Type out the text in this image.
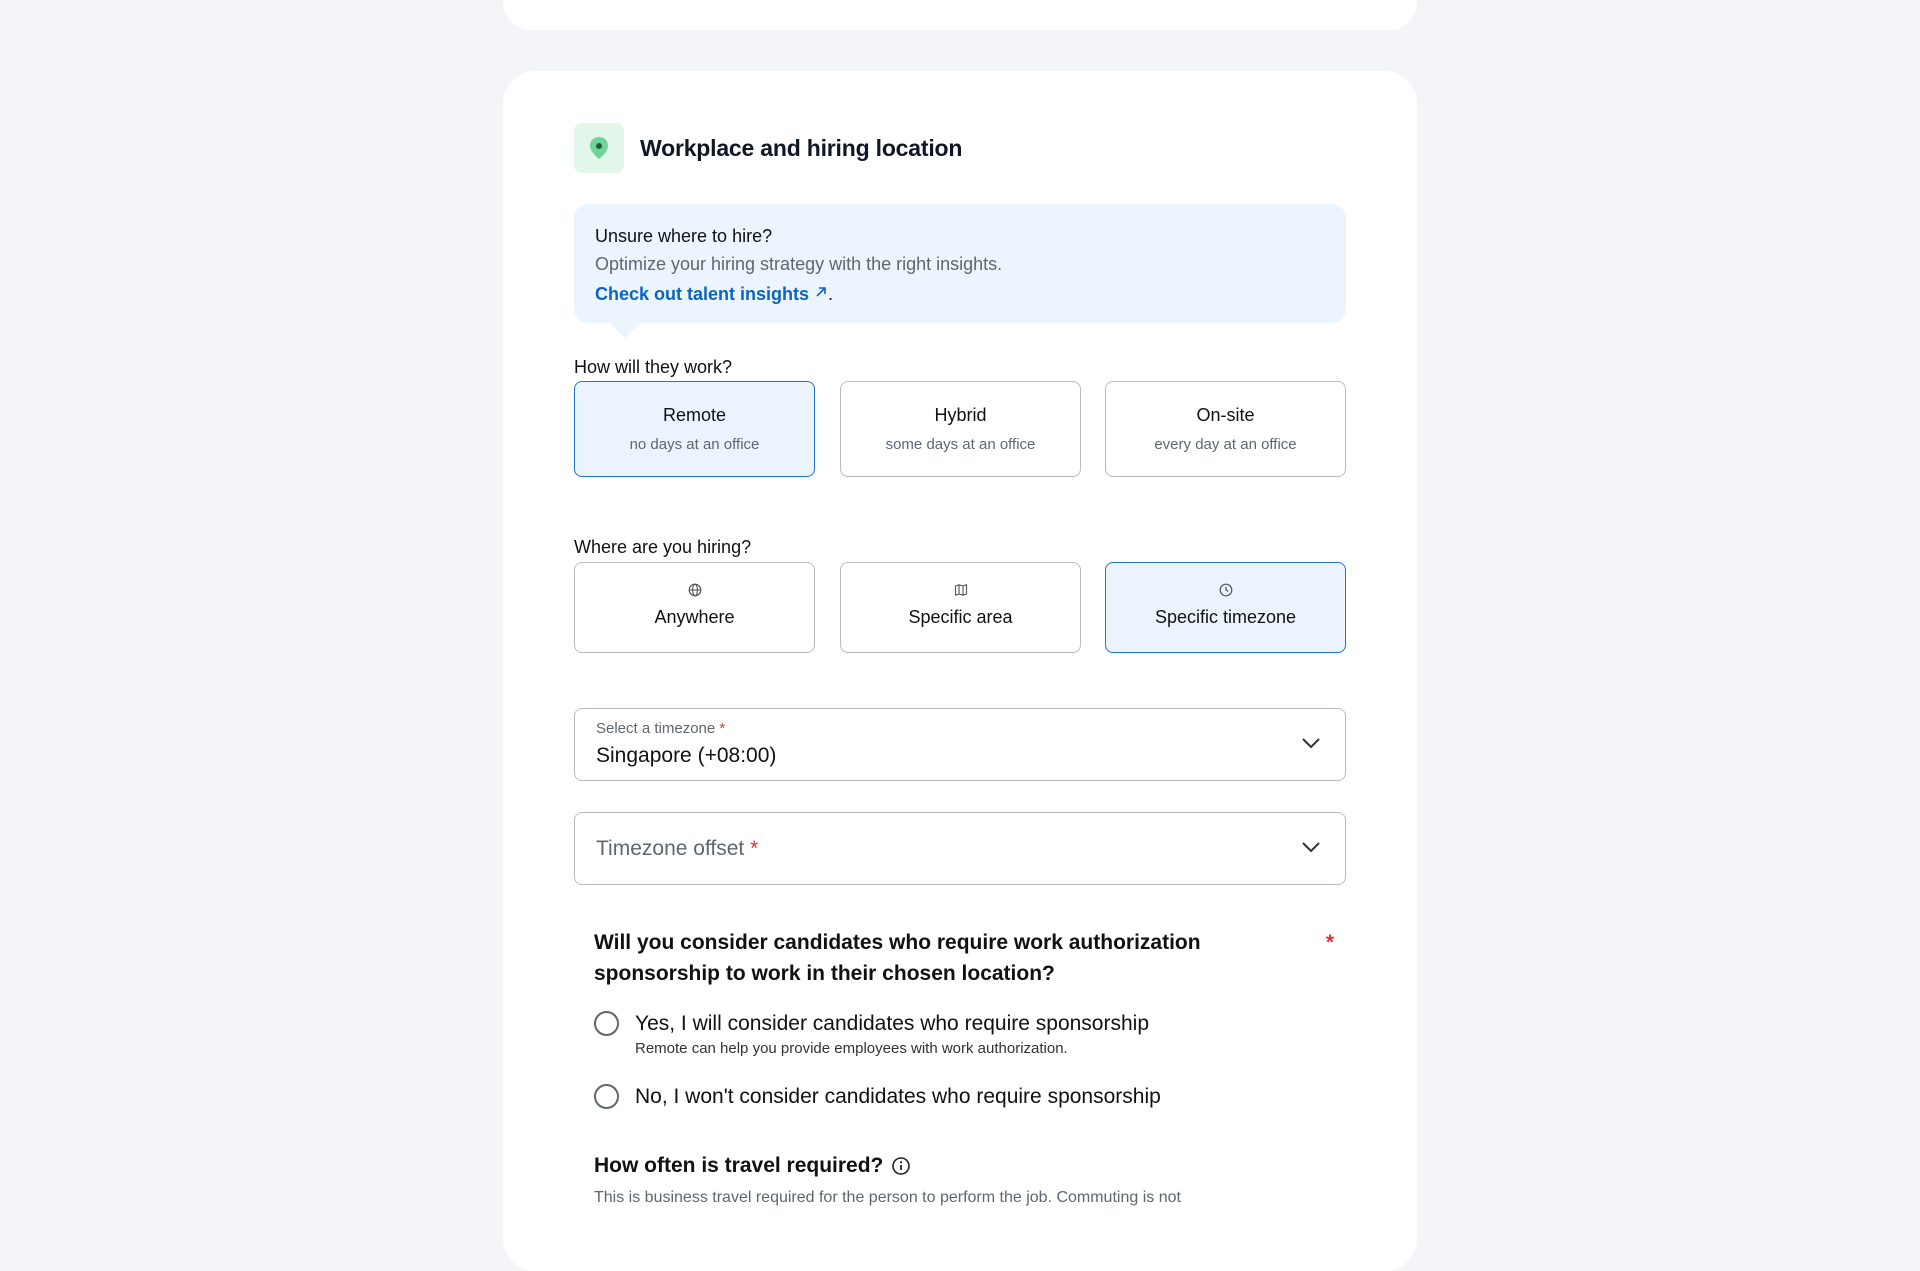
Workplace and hiring location
Unsure where to hire?
Optimize your hiring strategy with the right insights.
Check out talent insights .
How will they work?
Remote
no days at an office
Hybrid
some days at an office
On-site
every day at an office
Where are you hiring?
Anywhere	Specific area	Specific timezone
Select a timezone *
Singapore (+08:00)
Timezone offset *
Will you consider candidates who require work authorization sponsorship to work in their chosen location?
*
Yes, I will consider candidates who require sponsorship
Remote can help you provide employees with work authorization.
No, I won't consider candidates who require sponsorship
How often is travel required?
This is business travel required for the person to perform the job. Commuting is not
